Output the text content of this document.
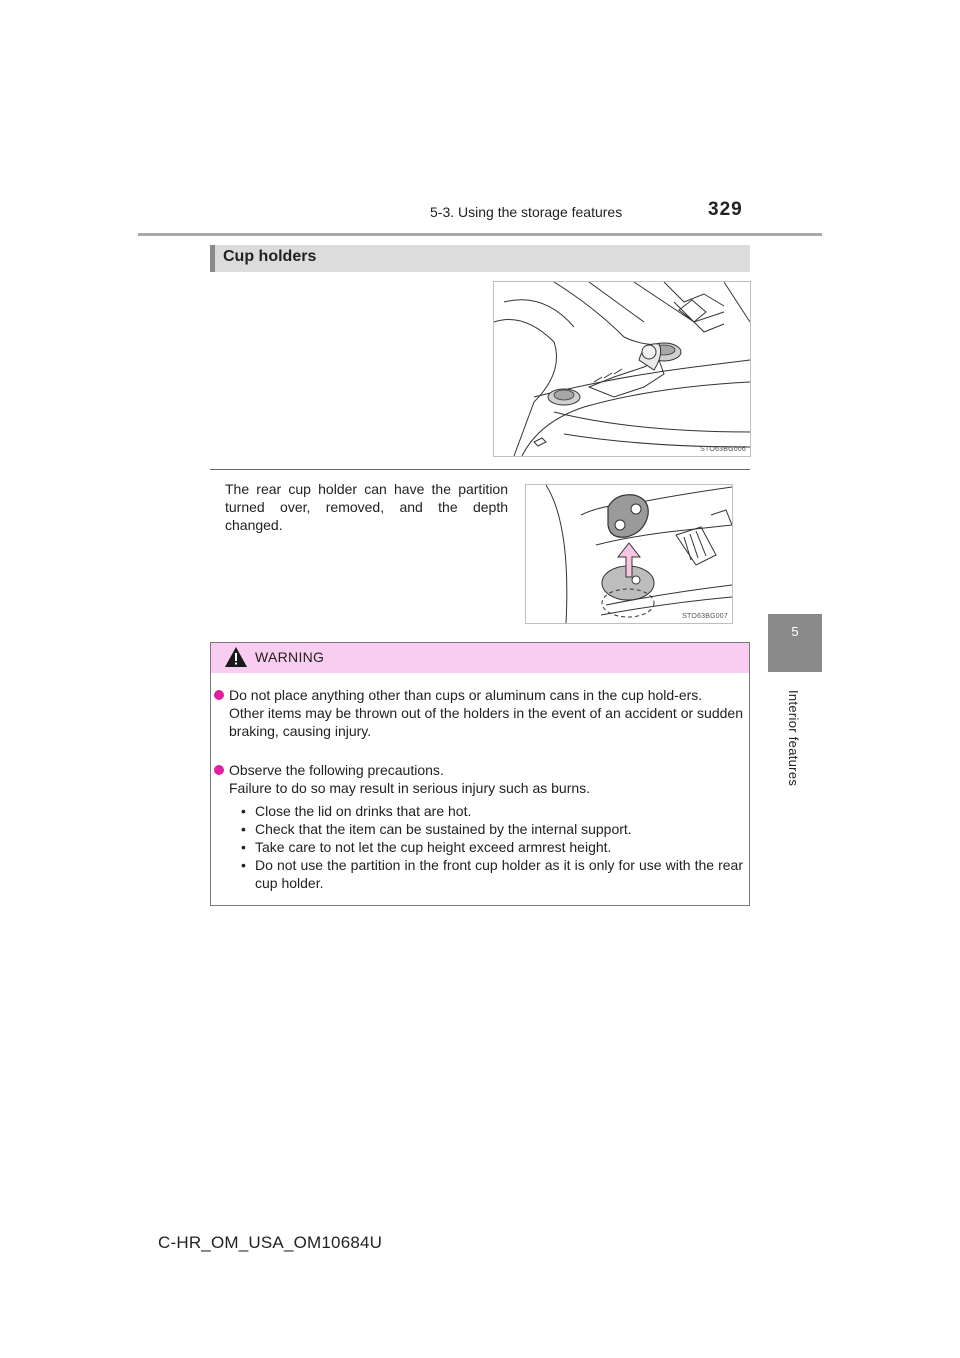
5-3. Using the storage features	329
5
Interior features
Cup holders
STO63BG006
The rear cup holder can have the partition turned over, removed, and the depth changed.
STO63BG007
WARNING
Do not place anything other than cups or aluminum cans in the cup hold-ers.
Other items may be thrown out of the holders in the event of an accident or sudden braking, causing injury.
Observe the following precautions.
Failure to do so may result in serious injury such as burns.
• Close the lid on drinks that are hot.
• Check that the item can be sustained by the internal support.
• Take care to not let the cup height exceed armrest height.
• Do not use the partition in the front cup holder as it is only for use with the rear cup holder.
C-HR_OM_USA_OM10684U
